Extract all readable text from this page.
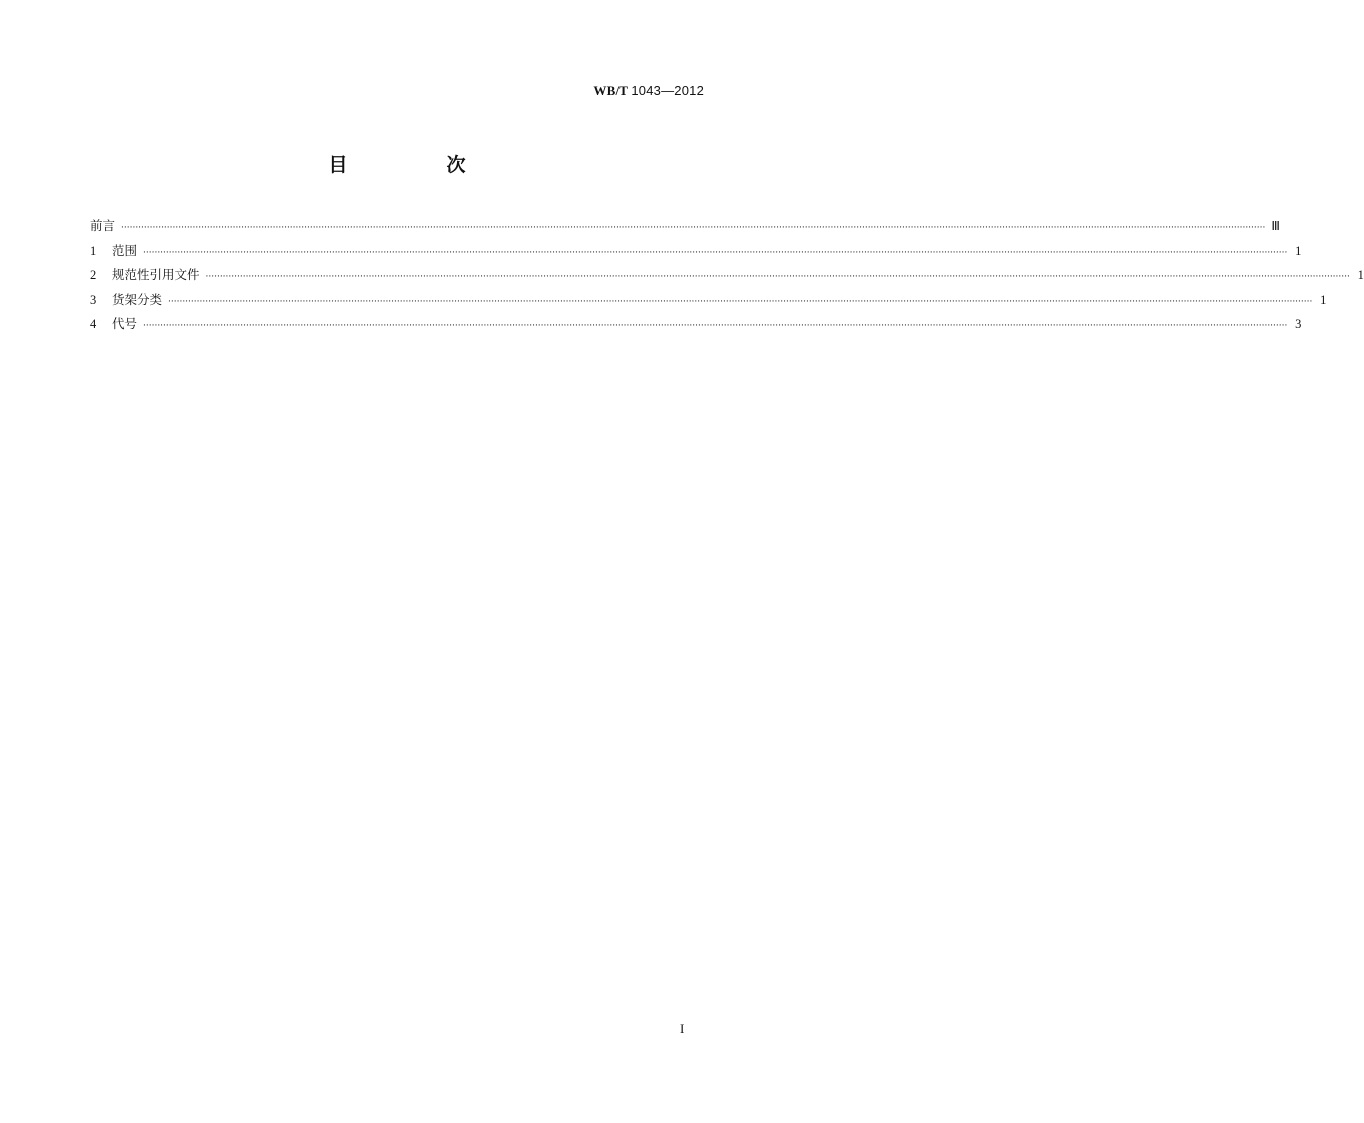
WB/T 1043—2012
目　次
前言 ················································································································································································································································································································································································································ Ⅲ
1	范围 ················································································································································································································································································································································································································ 1
2	规范性引用文件 ················································································································································································································································································································································································································ 1
3	货架分类 ················································································································································································································································································································································································································ 1
4	代号 ················································································································································································································································································································································································································ 3
I
